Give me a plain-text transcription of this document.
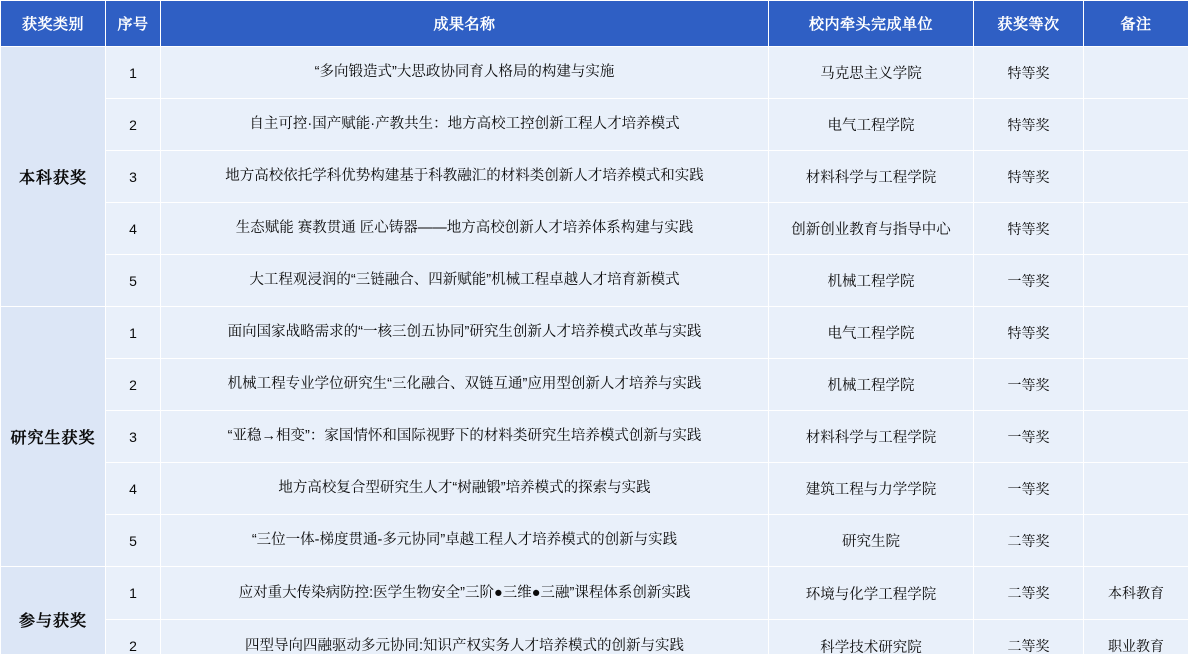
获奖类别	序号	成果名称	校内牵头完成单位	获奖等次	备注
本科获奖	1	“多向锻造式”大思政协同育人格局的构建与实施	马克思主义学院	特等奖	
	2	自主可控·国产赋能·产教共生：地方高校工控创新工程人才培养模式	电气工程学院	特等奖	
	3	地方高校依托学科优势构建基于科教融汇的材料类创新人才培养模式和实践	材料科学与工程学院	特等奖	
	4	生态赋能 赛教贯通 匠心铸器——地方高校创新人才培养体系构建与实践	创新创业教育与指导中心	特等奖	
	5	大工程观浸润的“三链融合、四新赋能”机械工程卓越人才培育新模式	机械工程学院	一等奖	
研究生获奖	1	面向国家战略需求的“一核三创五协同”研究生创新人才培养模式改革与实践	电气工程学院	特等奖	
	2	机械工程专业学位研究生“三化融合、双链互通”应用型创新人才培养与实践	机械工程学院	一等奖	
	3	“亚稳→相变”：家国情怀和国际视野下的材料类研究生培养模式创新与实践	材料科学与工程学院	一等奖	
	4	地方高校复合型研究生人才“树融锻”培养模式的探索与实践	建筑工程与力学学院	一等奖	
	5	“三位一体-梯度贯通-多元协同”卓越工程人才培养模式的创新与实践	研究生院	二等奖	
参与获奖	1	应对重大传染病防控:医学生物安全”三阶●三维●三融”课程体系创新实践	环境与化学工程学院	二等奖	本科教育
	2	四型导向四融驱动多元协同:知识产权实务人才培养模式的创新与实践	科学技术研究院	二等奖	职业教育
